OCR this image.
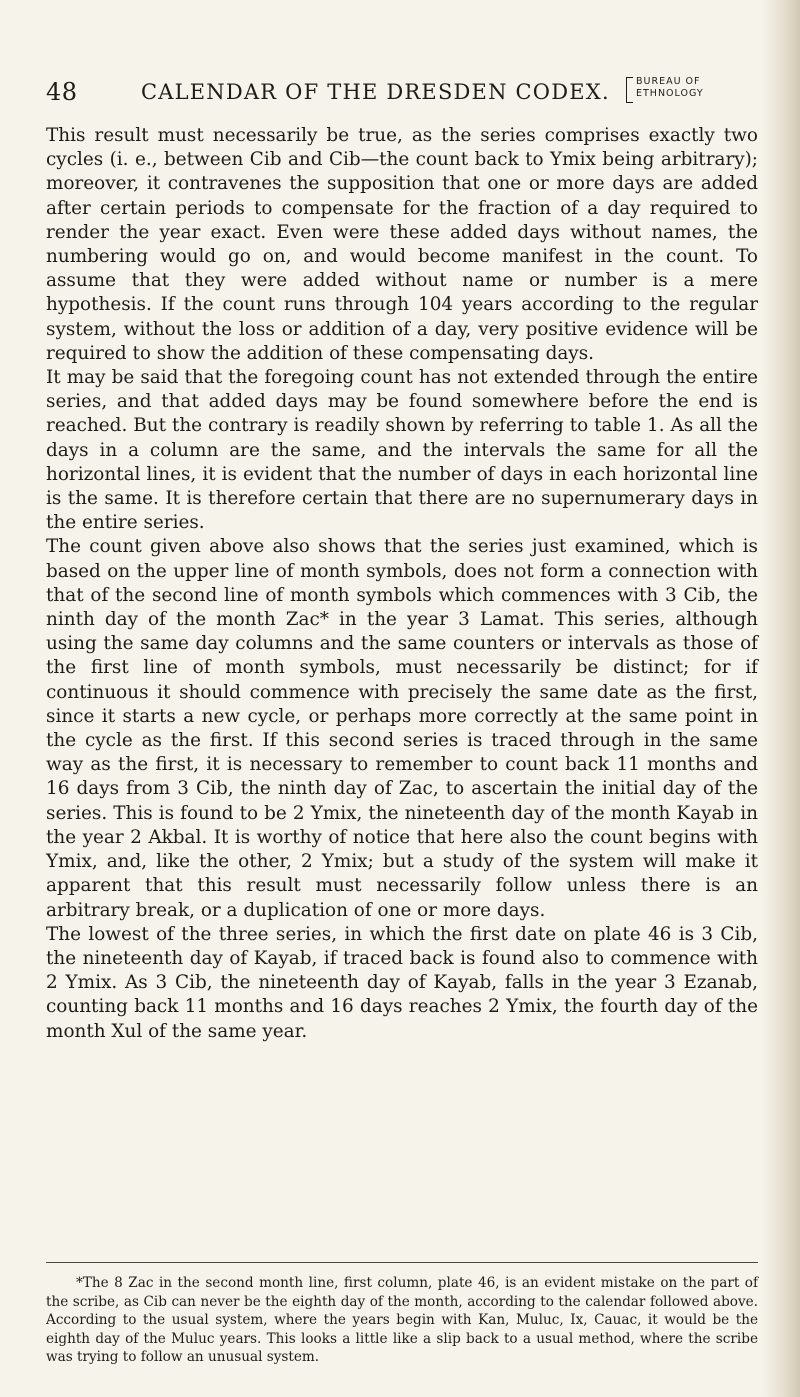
48	CALENDAR OF THE DRESDEN CODEX.	BUREAU OF
ETHNOLOGY

This result must necessarily be true, as the series comprises exactly two cycles (i. e., between Cib and Cib—the count back to Ymix being arbitrary); moreover, it contravenes the supposition that one or more days are added after certain periods to compensate for the fraction of a day required to render the year exact. Even were these added days without names, the numbering would go on, and would become manifest in the count. To assume that they were added without name or number is a mere hypothesis. If the count runs through 104 years according to the regular system, without the loss or addition of a day, very positive evidence will be required to show the addition of these compensating days.

It may be said that the foregoing count has not extended through the entire series, and that added days may be found somewhere before the end is reached. But the contrary is readily shown by referring to table 1. As all the days in a column are the same, and the intervals the same for all the horizontal lines, it is evident that the number of days in each horizontal line is the same. It is therefore certain that there are no supernumerary days in the entire series.

The count given above also shows that the series just examined, which is based on the upper line of month symbols, does not form a connection with that of the second line of month symbols which commences with 3 Cib, the ninth day of the month Zac* in the year 3 Lamat. This series, although using the same day columns and the same counters or intervals as those of the first line of month symbols, must necessarily be distinct; for if continuous it should commence with precisely the same date as the first, since it starts a new cycle, or perhaps more correctly at the same point in the cycle as the first. If this second series is traced through in the same way as the first, it is necessary to remember to count back 11 months and 16 days from 3 Cib, the ninth day of Zac, to ascertain the initial day of the series. This is found to be 2 Ymix, the nineteenth day of the month Kayab in the year 2 Akbal. It is worthy of notice that here also the count begins with Ymix, and, like the other, 2 Ymix; but a study of the system will make it apparent that this result must necessarily follow unless there is an arbitrary break, or a duplication of one or more days.

The lowest of the three series, in which the first date on plate 46 is 3 Cib, the nineteenth day of Kayab, if traced back is found also to commence with 2 Ymix. As 3 Cib, the nineteenth day of Kayab, falls in the year 3 Ezanab, counting back 11 months and 16 days reaches 2 Ymix, the fourth day of the month Xul of the same year.

*The 8 Zac in the second month line, first column, plate 46, is an evident mistake on the part of the scribe, as Cib can never be the eighth day of the month, according to the calendar followed above. According to the usual system, where the years begin with Kan, Muluc, Ix, Cauac, it would be the eighth day of the Muluc years. This looks a little like a slip back to a usual method, where the scribe was trying to follow an unusual system.
